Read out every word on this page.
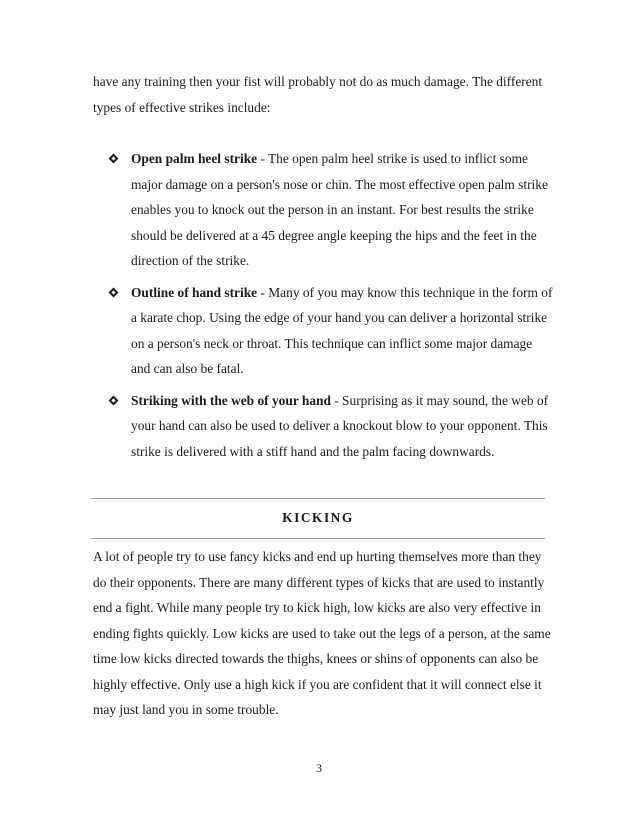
have any training then your fist will probably not do as much damage. The different types of effective strikes include:

Open palm heel strike - The open palm heel strike is used to inflict some major damage on a person's nose or chin. The most effective open palm strike enables you to knock out the person in an instant. For best results the strike should be delivered at a 45 degree angle keeping the hips and the feet in the direction of the strike.
Outline of hand strike - Many of you may know this technique in the form of a karate chop. Using the edge of your hand you can deliver a horizontal strike on a person's neck or throat. This technique can inflict some major damage and can also be fatal.
Striking with the web of your hand - Surprising as it may sound, the web of your hand can also be used to deliver a knockout blow to your opponent. This strike is delivered with a stiff hand and the palm facing downwards.
KICKING

A lot of people try to use fancy kicks and end up hurting themselves more than they do their opponents. There are many different types of kicks that are used to instantly end a fight. While many people try to kick high, low kicks are also very effective in ending fights quickly. Low kicks are used to take out the legs of a person, at the same time low kicks directed towards the thighs, knees or shins of opponents can also be highly effective. Only use a high kick if you are confident that it will connect else it may just land you in some trouble.

3
